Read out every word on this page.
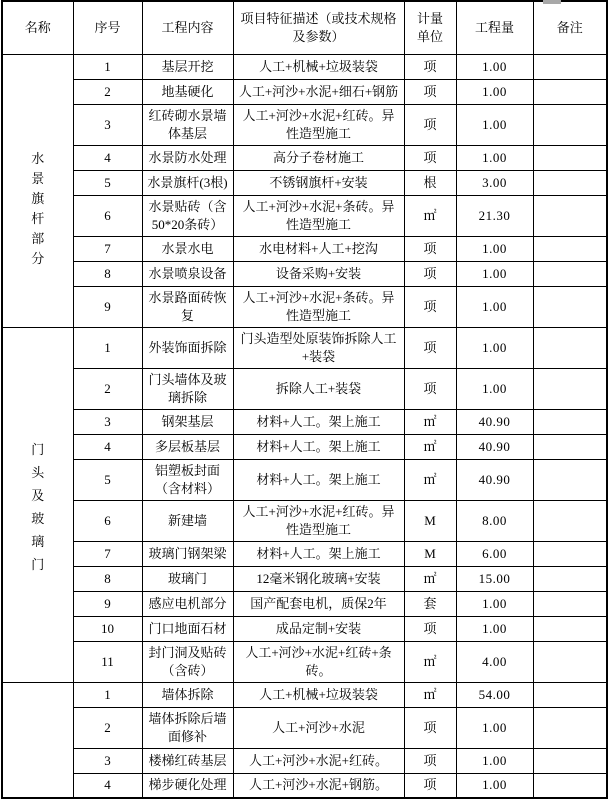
名称	序号	工程内容	项目特征描述（或技术规格及参数）	计量单位	工程量	备注

水景旗杆部分	1	基层开挖	人工+机械+垃圾装袋	项	1.00	
	2	地基硬化	人工+河沙+水泥+细石+钢筋	项	1.00	
	3	红砖砌水景墙体基层	人工+河沙+水泥+红砖。异性造型施工	项	1.00	
	4	水景防水处理	高分子卷材施工	项	1.00	
	5	水景旗杆(3根)	不锈钢旗杆+安装	根	3.00	
	6	水景贴砖（含50*20条砖）	人工+河沙+水泥+条砖。异性造型施工	㎡	21.30	
	7	水景水电	水电材料+人工+挖沟	项	1.00	
	8	水景喷泉设备	设备采购+安装	项	1.00	
	9	水景路面砖恢复	人工+河沙+水泥+条砖。异性造型施工	项	1.00	

门头及玻璃门	1	外装饰面拆除	门头造型处原装饰拆除人工+装袋	项	1.00	
	2	门头墙体及玻璃拆除	拆除人工+装袋	项	1.00	
	3	钢架基层	材料+人工。架上施工	㎡	40.90	
	4	多层板基层	材料+人工。架上施工	㎡	40.90	
	5	铝塑板封面（含材料）	材料+人工。架上施工	㎡	40.90	
	6	新建墙	人工+河沙+水泥+红砖。异性造型施工	M	8.00	
	7	玻璃门钢架梁	材料+人工。架上施工	M	6.00	
	8	玻璃门	12毫米钢化玻璃+安装	㎡	15.00	
	9	感应电机部分	国产配套电机，质保2年	套	1.00	
	10	门口地面石材	成品定制+安装	项	1.00	
	11	封门洞及贴砖（含砖）	人工+河沙+水泥+红砖+条砖。	㎡	4.00	

	1	墙体拆除	人工+机械+垃圾装袋	㎡	54.00	
	2	墙体拆除后墙面修补	人工+河沙+水泥	项	1.00	
	3	楼梯红砖基层	人工+河沙+水泥+红砖。	项	1.00	
	4	梯步硬化处理	人工+河沙+水泥+钢筋。	项	1.00	
